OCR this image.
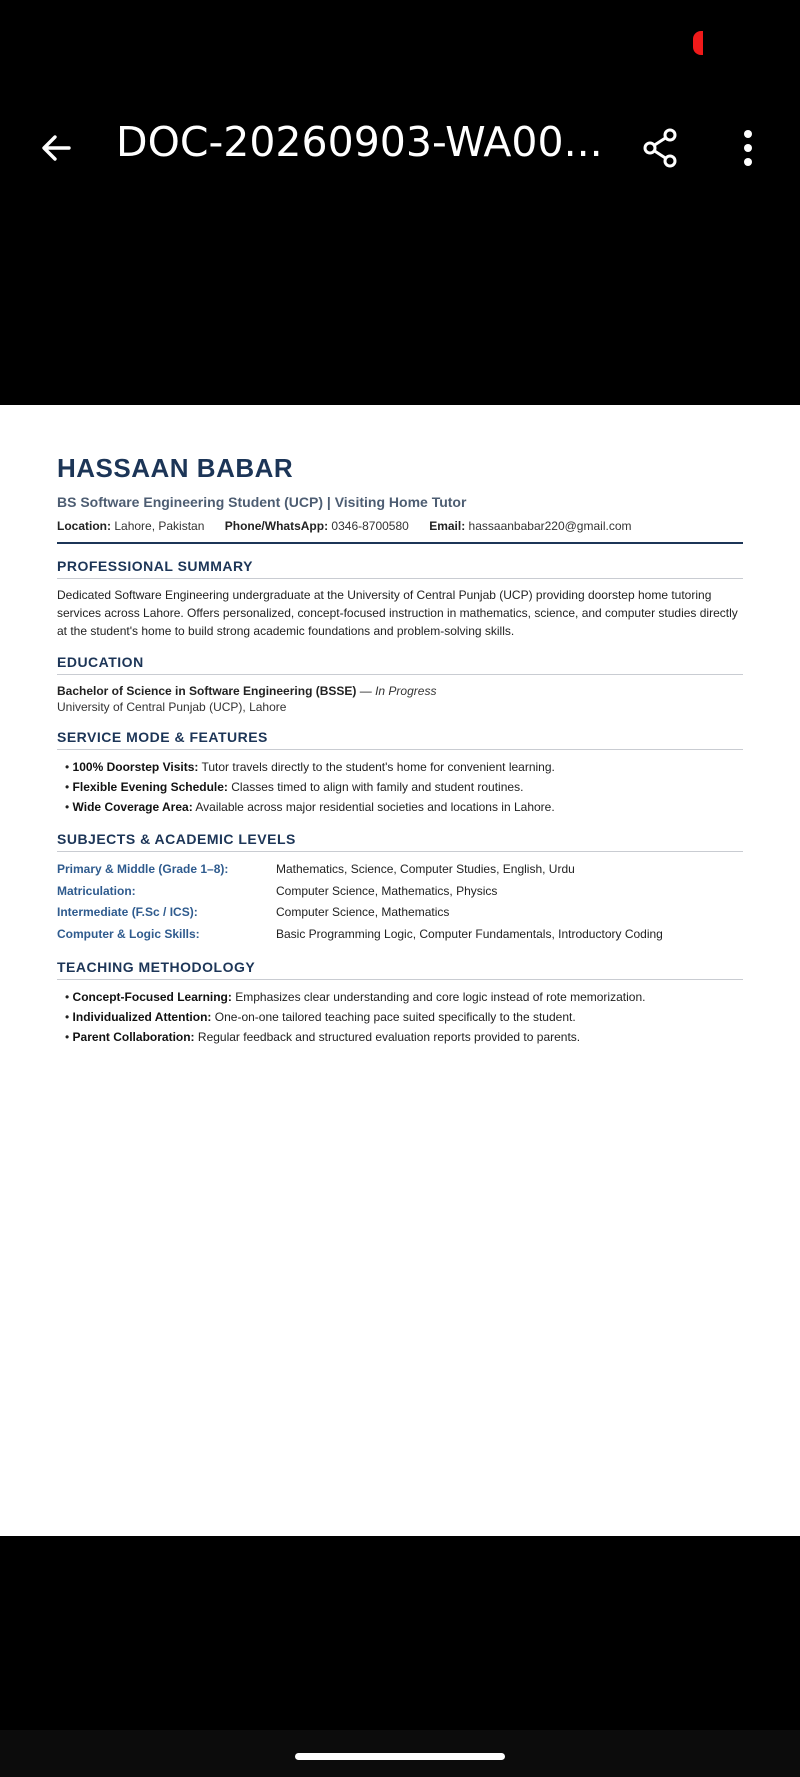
DOC-20260903-WA00...
HASSAAN BABAR
BS Software Engineering Student (UCP) | Visiting Home Tutor
Location: Lahore, Pakistan Phone/WhatsApp: 0346-8700580 Email: hassaanbabar220@gmail.com
PROFESSIONAL SUMMARY
Dedicated Software Engineering undergraduate at the University of Central Punjab (UCP) providing doorstep home tutoring services across Lahore. Offers personalized, concept-focused instruction in mathematics, science, and computer studies directly at the student's home to build strong academic foundations and problem-solving skills.
EDUCATION
Bachelor of Science in Software Engineering (BSSE) — In Progress
University of Central Punjab (UCP), Lahore
SERVICE MODE & FEATURES
• 100% Doorstep Visits: Tutor travels directly to the student's home for convenient learning.
• Flexible Evening Schedule: Classes timed to align with family and student routines.
• Wide Coverage Area: Available across major residential societies and locations in Lahore.
SUBJECTS & ACADEMIC LEVELS
Primary & Middle (Grade 1–8):	Mathematics, Science, Computer Studies, English, Urdu
Matriculation:	Computer Science, Mathematics, Physics
Intermediate (F.Sc / ICS):	Computer Science, Mathematics
Computer & Logic Skills:	Basic Programming Logic, Computer Fundamentals, Introductory Coding
TEACHING METHODOLOGY
• Concept-Focused Learning: Emphasizes clear understanding and core logic instead of rote memorization.
• Individualized Attention: One-on-one tailored teaching pace suited specifically to the student.
• Parent Collaboration: Regular feedback and structured evaluation reports provided to parents.
